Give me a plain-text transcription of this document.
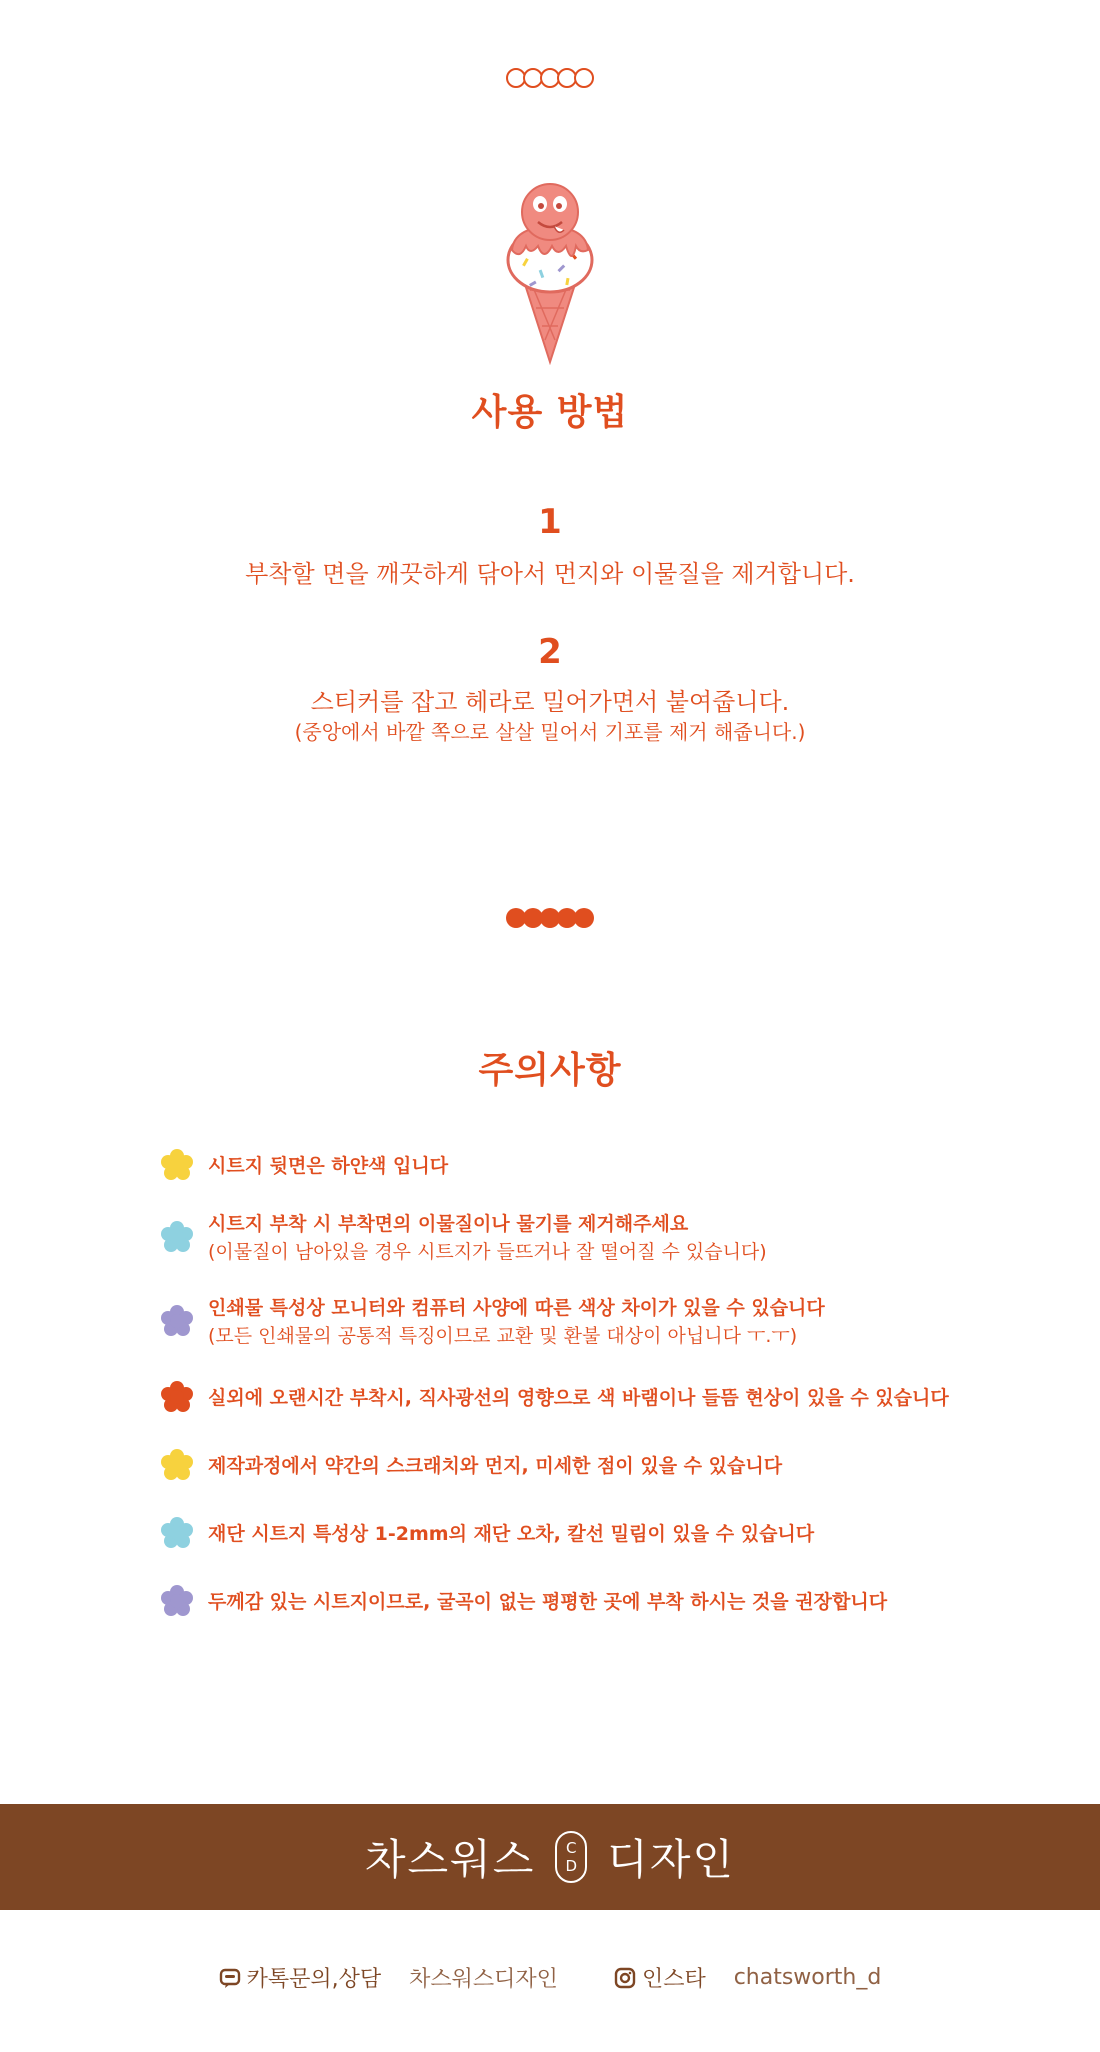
사용 방법
1
부착할 면을 깨끗하게 닦아서 먼지와 이물질을 제거합니다.
2
스티커를 잡고 헤라로 밀어가면서 붙여줍니다.
(중앙에서 바깥 쪽으로 살살 밀어서 기포를 제거 해줍니다.)
주의사항
시트지 뒷면은 하얀색 입니다
시트지 부착 시 부착면의 이물질이나 물기를 제거해주세요
(이물질이 남아있을 경우 시트지가 들뜨거나 잘 떨어질 수 있습니다)
인쇄물 특성상 모니터와 컴퓨터 사양에 따른 색상 차이가 있을 수 있습니다
(모든 인쇄물의 공통적 특징이므로 교환 및 환불 대상이 아닙니다 ㅜ.ㅜ)
실외에 오랜시간 부착시, 직사광선의 영향으로 색 바램이나 들뜸 현상이 있을 수 있습니다
제작과정에서 약간의 스크래치와 먼지, 미세한 점이 있을 수 있습니다
재단 시트지 특성상 1-2mm의 재단 오차, 칼선 밀림이 있을 수 있습니다
두께감 있는 시트지이므로, 굴곡이 없는 평평한 곳에 부착 하시는 것을 권장합니다
차스워스 C
D 디자인
카톡문의,상담 차스워스디자인	인스타 chatsworth_d
